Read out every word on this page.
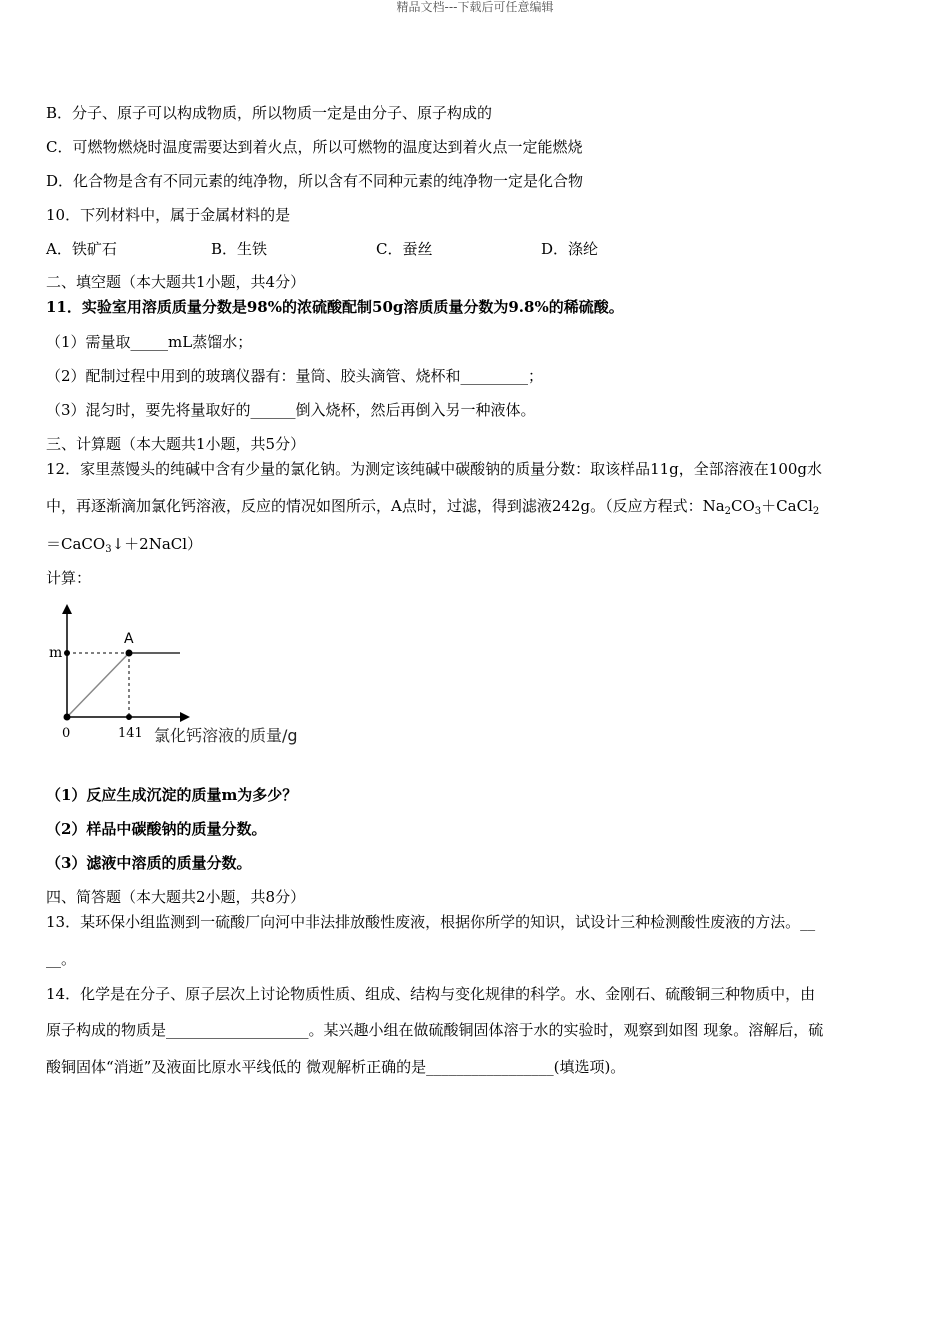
精品文档---下载后可任意编辑
B．分子、原子可以构成物质，所以物质一定是由分子、原子构成的
C．可燃物燃烧时温度需要达到着火点，所以可燃物的温度达到着火点一定能燃烧
D．化合物是含有不同元素的纯净物，所以含有不同种元素的纯净物一定是化合物
10．下列材料中，属于金属材料的是
A．铁矿石	B．生铁	C．蚕丝	D．涤纶
二、填空题（本大题共1小题，共4分）
11．实验室用溶质质量分数是98%的浓硫酸配制50g溶质质量分数为9.8%的稀硫酸。
（1）需量取_____mL蒸馏水；
（2）配制过程中用到的玻璃仪器有：量筒、胶头滴管、烧杯和_________；
（3）混匀时，要先将量取好的______倒入烧杯，然后再倒入另一种液体。
三、计算题（本大题共1小题，共5分）
12．家里蒸馒头的纯碱中含有少量的氯化钠。为测定该纯碱中碳酸钠的质量分数：取该样品11g，全部溶液在100g水
中，再逐渐滴加氯化钙溶液，反应的情况如图所示，A点时，过滤，得到滤液242g。（反应方程式：$Na_2CO_3+CaCl_2$
＝CaCO$_3$↓＋2NaCl）
计算：
A
m
0	141 氯化钙溶液的质量/g
（1）反应生成沉淀的质量m为多少？
（2）样品中碳酸钠的质量分数。
（3）滤液中溶质的质量分数。
四、简答题（本大题共2小题，共8分）
13．某环保小组监测到一硫酸厂向河中非法排放酸性废液，根据你所学的知识，试设计三种检测酸性废液的方法。__
__。
14．化学是在分子、原子层次上讨论物质性质、组成、结构与变化规律的科学。水、金刚石、硫酸铜三种物质中，由
原子构成的物质是___________________。某兴趣小组在做硫酸铜固体溶于水的实验时，观察到如图 现象。溶解后，硫
酸铜固体“消逝”及液面比原水平线低的 微观解析正确的是_________________(填选项)。
